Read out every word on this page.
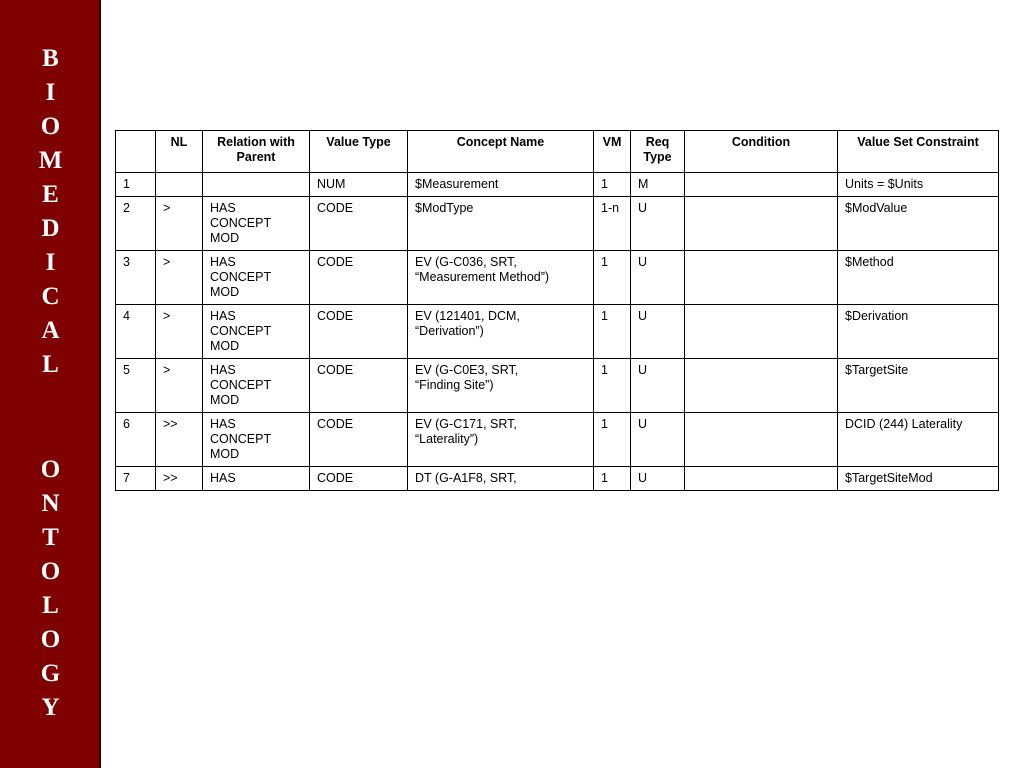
B
I
O
M
E
D
I
C
A
L
O
N
T
O
L
O
G
Y
	NL	Relation with Parent	Value Type	Concept Name	VM	Req Type	Condition	Value Set Constraint
1			NUM	$Measurement	1	M		Units = $Units
2	>	HAS
CONCEPT
MOD	CODE	$ModType	1-n	U		$ModValue
3	>	HAS
CONCEPT
MOD	CODE	EV (G-C036, SRT,
“Measurement Method”)	1	U		$Method
4	>	HAS
CONCEPT
MOD	CODE	EV (121401, DCM,
“Derivation”)	1	U		$Derivation
5	>	HAS
CONCEPT
MOD	CODE	EV (G-C0E3, SRT,
“Finding Site”)	1	U		$TargetSite
6	>>	HAS
CONCEPT
MOD	CODE	EV (G-C171, SRT,
“Laterality”)	1	U		DCID (244) Laterality
7	>>	HAS	CODE	DT (G-A1F8, SRT,	1	U		$TargetSiteMod
